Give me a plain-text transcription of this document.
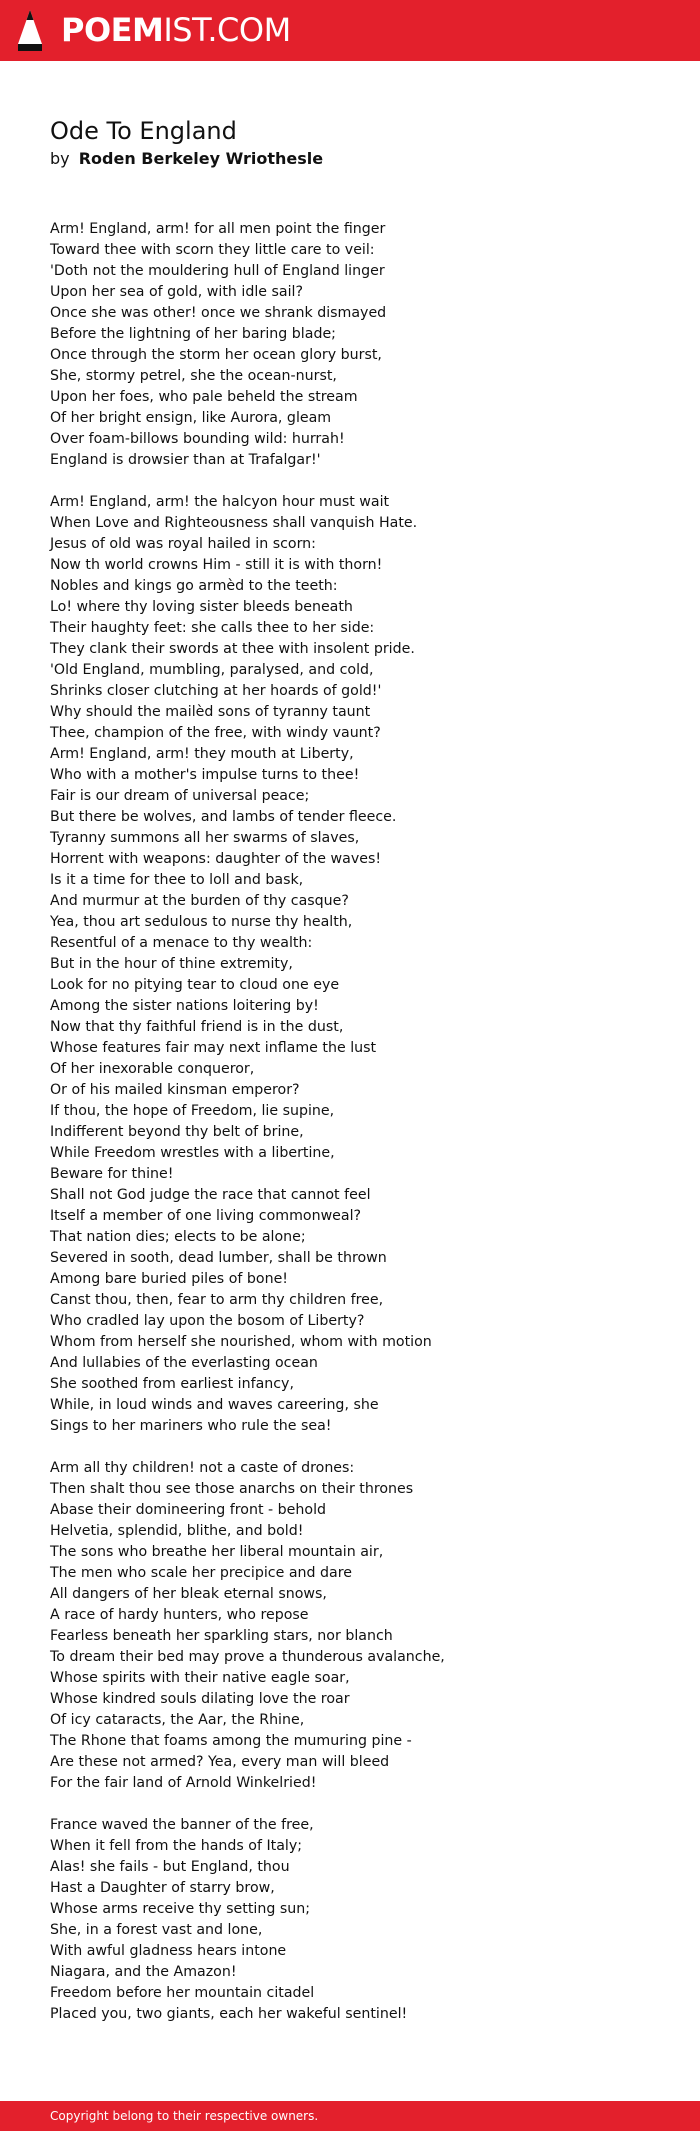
POEMIST.COM
Ode To England
by Roden Berkeley Wriothesle
Arm! England, arm! for all men point the finger
Toward thee with scorn they little care to veil:
'Doth not the mouldering hull of England linger
Upon her sea of gold, with idle sail?
Once she was other! once we shrank dismayed
Before the lightning of her baring blade;
Once through the storm her ocean glory burst,
She, stormy petrel, she the ocean-nurst,
Upon her foes, who pale beheld the stream
Of her bright ensign, like Aurora, gleam
Over foam-billows bounding wild: hurrah!
England is drowsier than at Trafalgar!'
Arm! England, arm! the halcyon hour must wait
When Love and Righteousness shall vanquish Hate.
Jesus of old was royal hailed in scorn:
Now th world crowns Him - still it is with thorn!
Nobles and kings go armèd to the teeth:
Lo! where thy loving sister bleeds beneath
Their haughty feet: she calls thee to her side:
They clank their swords at thee with insolent pride.
'Old England, mumbling, paralysed, and cold,
Shrinks closer clutching at her hoards of gold!'
Why should the mailèd sons of tyranny taunt
Thee, champion of the free, with windy vaunt?
Arm! England, arm! they mouth at Liberty,
Who with a mother's impulse turns to thee!
Fair is our dream of universal peace;
But there be wolves, and lambs of tender fleece.
Tyranny summons all her swarms of slaves,
Horrent with weapons: daughter of the waves!
Is it a time for thee to loll and bask,
And murmur at the burden of thy casque?
Yea, thou art sedulous to nurse thy health,
Resentful of a menace to thy wealth:
But in the hour of thine extremity,
Look for no pitying tear to cloud one eye
Among the sister nations loitering by!
Now that thy faithful friend is in the dust,
Whose features fair may next inflame the lust
Of her inexorable conqueror,
Or of his mailed kinsman emperor?
If thou, the hope of Freedom, lie supine,
Indifferent beyond thy belt of brine,
While Freedom wrestles with a libertine,
Beware for thine!
Shall not God judge the race that cannot feel
Itself a member of one living commonweal?
That nation dies; elects to be alone;
Severed in sooth, dead lumber, shall be thrown
Among bare buried piles of bone!
Canst thou, then, fear to arm thy children free,
Who cradled lay upon the bosom of Liberty?
Whom from herself she nourished, whom with motion
And lullabies of the everlasting ocean
She soothed from earliest infancy,
While, in loud winds and waves careering, she
Sings to her mariners who rule the sea!
Arm all thy children! not a caste of drones:
Then shalt thou see those anarchs on their thrones
Abase their domineering front - behold
Helvetia, splendid, blithe, and bold!
The sons who breathe her liberal mountain air,
The men who scale her precipice and dare
All dangers of her bleak eternal snows,
A race of hardy hunters, who repose
Fearless beneath her sparkling stars, nor blanch
To dream their bed may prove a thunderous avalanche,
Whose spirits with their native eagle soar,
Whose kindred souls dilating love the roar
Of icy cataracts, the Aar, the Rhine,
The Rhone that foams among the mumuring pine -
Are these not armed? Yea, every man will bleed
For the fair land of Arnold Winkelried!
France waved the banner of the free,
When it fell from the hands of Italy;
Alas! she fails - but England, thou
Hast a Daughter of starry brow,
Whose arms receive thy setting sun;
She, in a forest vast and lone,
With awful gladness hears intone
Niagara, and the Amazon!
Freedom before her mountain citadel
Placed you, two giants, each her wakeful sentinel!
Copyright belong to their respective owners.
